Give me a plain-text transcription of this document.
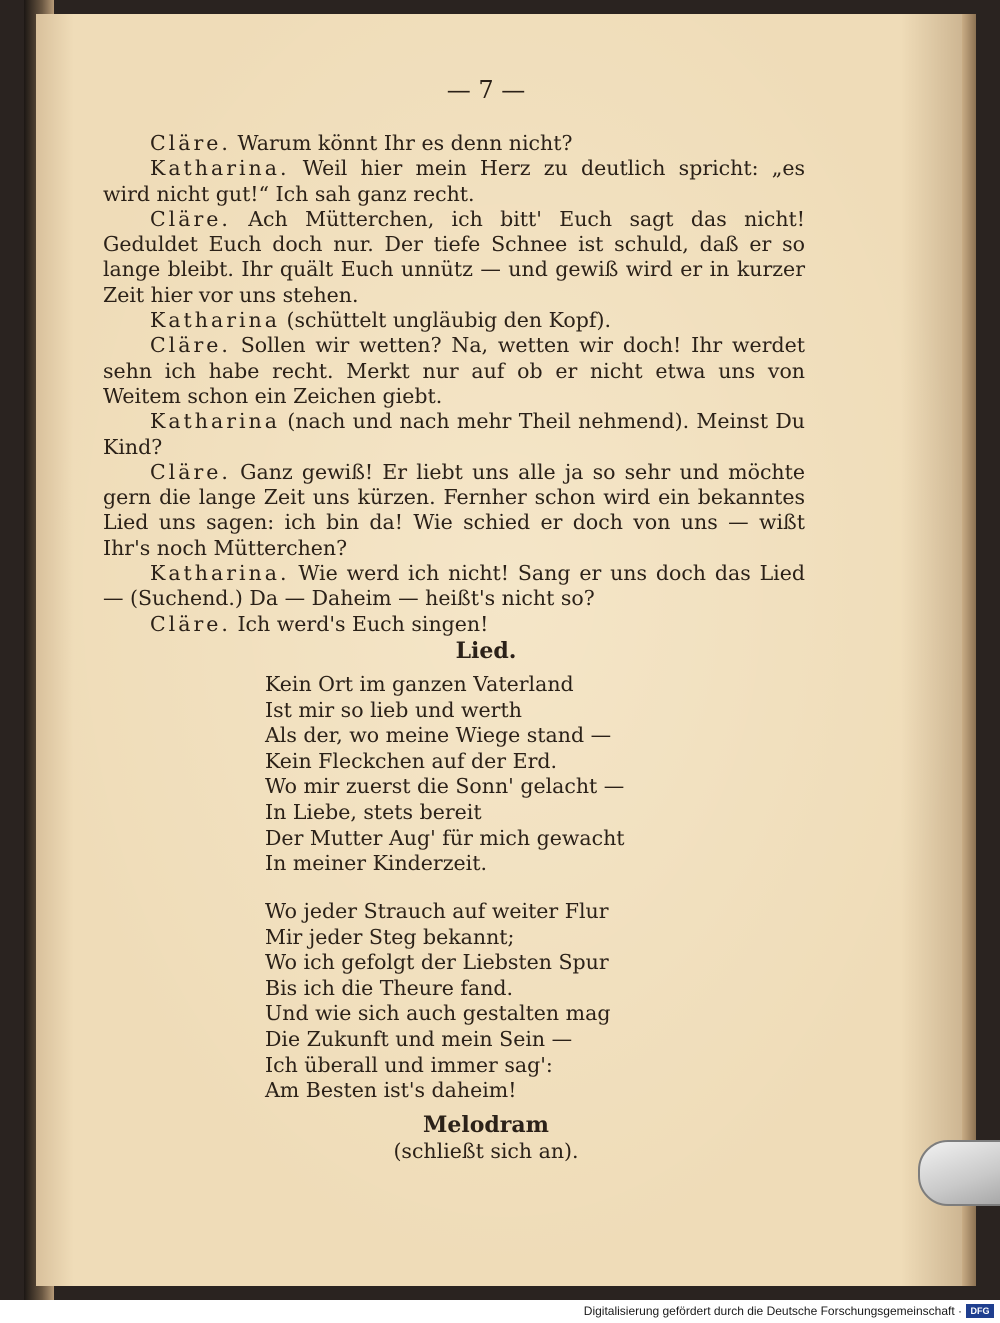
— 7 —

Cläre. Warum könnt Ihr es denn nicht?

Katharina. Weil hier mein Herz zu deutlich spricht: „es wird nicht gut!“ Ich sah ganz recht.

Cläre. Ach Mütterchen, ich bitt' Euch sagt das nicht! Geduldet Euch doch nur. Der tiefe Schnee ist schuld, daß er so lange bleibt. Ihr quält Euch unnütz — und gewiß wird er in kurzer Zeit hier vor uns stehen.

Katharina (schüttelt ungläubig den Kopf).

Cläre. Sollen wir wetten? Na, wetten wir doch! Ihr werdet sehn ich habe recht. Merkt nur auf ob er nicht etwa uns von Weitem schon ein Zeichen giebt.

Katharina (nach und nach mehr Theil nehmend). Meinst Du Kind?

Cläre. Ganz gewiß! Er liebt uns alle ja so sehr und möchte gern die lange Zeit uns kürzen. Fernher schon wird ein bekanntes Lied uns sagen: ich bin da! Wie schied er doch von uns — wißt Ihr's noch Mütterchen?

Katharina. Wie werd ich nicht! Sang er uns doch das Lied — (Suchend.) Da — Daheim — heißt's nicht so?

Cläre. Ich werd's Euch singen!

Lied.

Kein Ort im ganzen Vaterland
Ist mir so lieb und werth
Als der, wo meine Wiege stand —
Kein Fleckchen auf der Erd.
Wo mir zuerst die Sonn' gelacht —
In Liebe, stets bereit
Der Mutter Aug' für mich gewacht
In meiner Kinderzeit.
Wo jeder Strauch auf weiter Flur
Mir jeder Steg bekannt;
Wo ich gefolgt der Liebsten Spur
Bis ich die Theure fand.
Und wie sich auch gestalten mag
Die Zukunft und mein Sein —
Ich überall und immer sag':
Am Besten ist's daheim!

Melodram

(schließt sich an).

Digitalisierung gefördert durch die Deutsche Forschungsgemeinschaft · DFG
